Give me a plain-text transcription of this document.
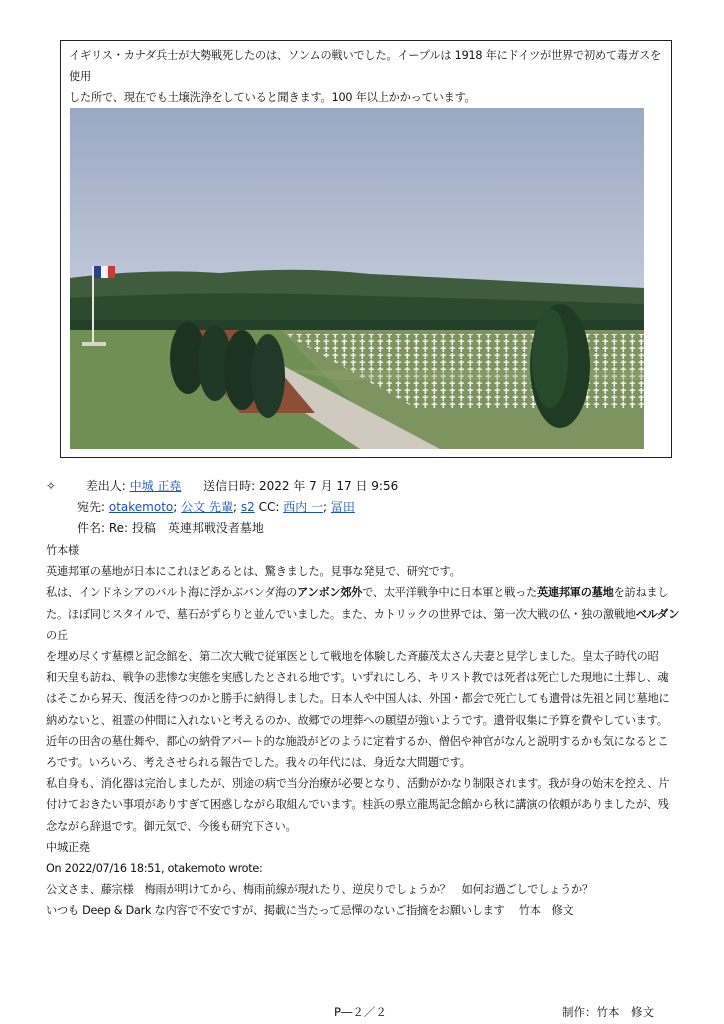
イギリス・カナダ兵士が大勢戦死したのは、ソンムの戦いでした。イープルは 1918 年にドイツが世界で初めて毒ガスを使用

した所で、現在でも土壌洗浄をしていると聞きます。100 年以上かかっています。

✧ 差出人: 中城 正堯 送信日時: 2022 年 7 月 17 日 9:56
宛先: otakemoto; 公文 先輩; s2 CC: 西内 一; 冨田
件名: Re: 投稿　英連邦戦没者墓地

竹本様

英連邦軍の墓地が日本にこれほどあるとは、驚きました。見事な発見で、研究です。

私は、インドネシアのバルト海に浮かぶバンダ海のアンボン郊外で、太平洋戦争中に日本軍と戦った英連邦軍の墓地を訪ねまし

た。ほぼ同じスタイルで、墓石がずらりと並んでいました。また、カトリックの世界では、第一次大戦の仏・独の激戦地ベルダンの丘

を埋め尽くす墓標と記念館を、第二次大戦で従軍医として戦地を体験した斉藤茂太さん夫妻と見学しました。皇太子時代の昭

和天皇も訪ね、戦争の悲惨な実態を実感したとされる地です。いずれにしろ、キリスト教では死者は死亡した現地に土葬し、魂

はそこから昇天、復活を待つのかと勝手に納得しました。日本人や中国人は、外国・都会で死亡しても遺骨は先祖と同じ墓地に

納めないと、祖霊の仲間に入れないと考えるのか、故郷での埋葬への願望が強いようです。遺骨収集に予算を費やしています。

近年の田舎の墓仕舞や、都心の納骨アパート的な施設がどのように定着するか、僧侶や神官がなんと説明するかも気になるとこ

ろです。いろいろ、考えさせられる報告でした。我々の年代には、身近な大問題です。

私自身も、消化器は完治しましたが、別途の病で当分治療が必要となり、活動がかなり制限されます。我が身の始末を控え、片

付けておきたい事項がありすぎて困惑しながら取組んでいます。桂浜の県立龍馬記念館から秋に講演の依頼がありましたが、残

念ながら辞退です。御元気で、今後も研究下さい。

中城正堯

On 2022/07/16 18:51, otakemoto wrote:

公文さま、藤宗様　梅雨が明けてから、梅雨前線が現れたり、逆戻りでしょうか？　如何お過ごしでしょうか？

いつも Deep & Dark な内容で不安ですが、掲載に当たって忌憚のないご指摘をお願いします　 竹本　修文

P―２／２	制作：竹本　修文
